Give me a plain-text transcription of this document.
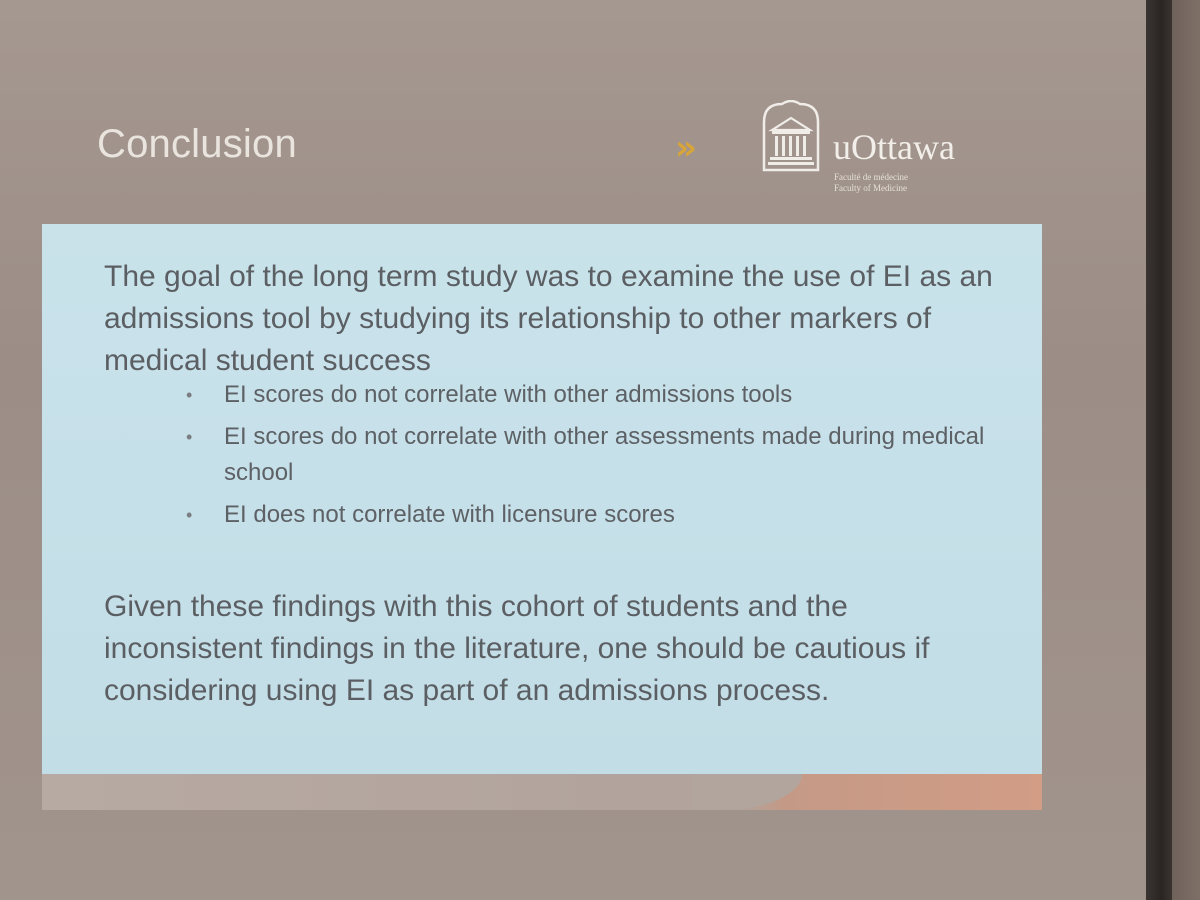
Conclusion	»	uOttawa
Faculté de médecine
Faculty of Medicine

The goal of the long term study was to examine the use of EI as an admissions tool by studying its relationship to other markers of medical student success

• EI scores do not correlate with other admissions tools
• EI scores do not correlate with other assessments made during medical school
• EI does not correlate with licensure scores

Given these findings with this cohort of students and the inconsistent findings in the literature, one should be cautious if considering using EI as part of an admissions process.
